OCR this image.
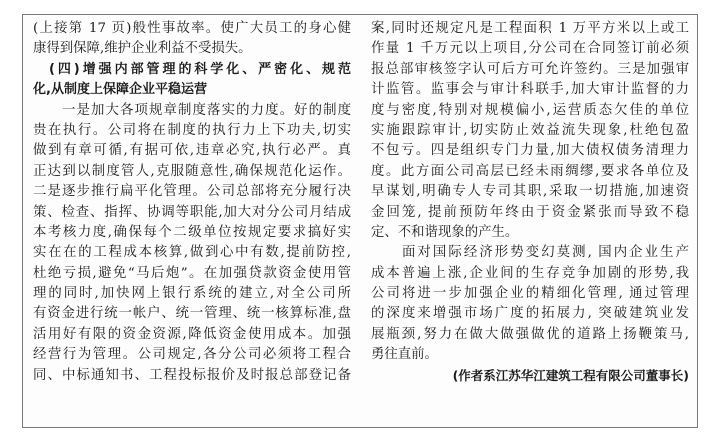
(上接第 17 页)般性事故率。使广大员工的身心健
康得到保障,维护企业利益不受损失。
　(四)增强内部管理的科学化、严密化、规范
化,从制度上保障企业平稳运营
　　一是加大各项规章制度落实的力度。好的制度
贵在执行。公司将在制度的执行力上下功夫,切实
做到有章可循,有据可依,违章必究,执行必严。真
正达到以制度管人,克服随意性,确保规范化运作。
二是逐步推行扁平化管理。公司总部将充分履行决
策、检查、指挥、协调等职能,加大对分公司月结成
本考核力度,确保每个二级单位按规定要求搞好实
实在在的工程成本核算,做到心中有数,提前防控,
杜绝亏损,避免“马后炮”。在加强贷款资金使用管
理的同时,加快网上银行系统的建立,对全公司所
有资金进行统一帐户、统一管理、统一核算标准,盘
活用好有限的资金资源,降低资金使用成本。加强
经营行为管理。公司规定,各分公司必须将工程合
同、中标通知书、工程投标报价及时报总部登记备
案,同时还规定凡是工程面积 1 万平方米以上或工
作量 1 千万元以上项目,分公司在合同签订前必须
报总部审核签字认可后方可允许签约。三是加强审
计监管。监事会与审计科联手,加大审计监督的力
度与密度,特别对规模偏小,运营质态欠佳的单位
实施跟踪审计,切实防止效益流失现象,杜绝包盈
不包亏。四是组织专门力量,加大债权债务清理力
度。此方面公司高层已经未雨绸缪,要求各单位及
早谋划,明确专人专司其职,采取一切措施,加速资
金回笼, 提前预防年终由于资金紧张而导致不稳
定、不和谐现象的产生。
　　面对国际经济形势变幻莫测, 国内企业生产
成本普遍上涨,企业间的生存竞争加剧的形势,我
公司将进一步加强企业的精细化管理, 通过管理
的深度来增强市场广度的拓展力, 突破建筑业发
展瓶颈,努力在做大做强做优的道路上扬鞭策马,
勇往直前。
(作者系江苏华江建筑工程有限公司董事长)
